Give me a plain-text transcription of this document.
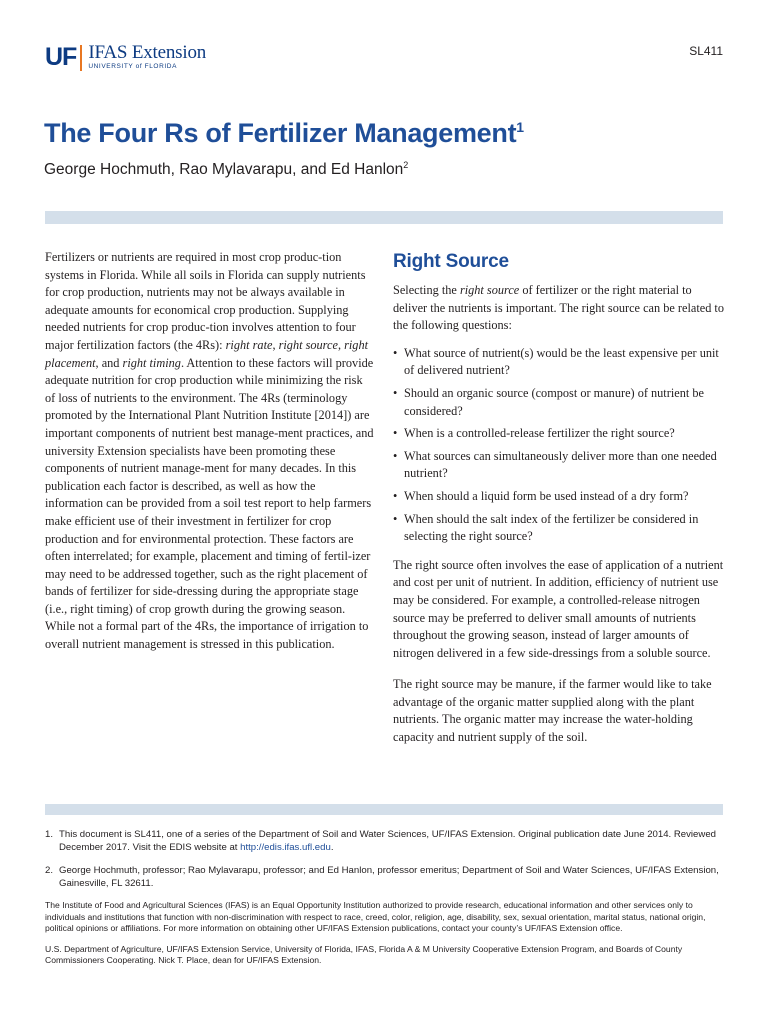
UF IFAS Extension
UNIVERSITY of FLORIDA
SL411
The Four Rs of Fertilizer Management$^1$
George Hochmuth, Rao Mylavarapu, and Ed Hanlon$^2$

Fertilizers or nutrients are required in most crop produc-tion systems in Florida. While all soils in Florida can supply nutrients for crop production, nutrients may not be always available in adequate amounts for economical crop production. Supplying needed nutrients for crop produc-tion involves attention to four major fertilization factors (the 4Rs): right rate, right source, right placement, and right timing. Attention to these factors will provide adequate nutrition for crop production while minimizing the risk of loss of nutrients to the environment. The 4Rs (terminology promoted by the International Plant Nutrition Institute [2014]) are important components of nutrient best manage-ment practices, and university Extension specialists have been promoting these components of nutrient manage-ment for many decades. In this publication each factor is described, as well as how the information can be provided from a soil test report to help farmers make efficient use of their investment in fertilizer for crop production and for environmental protection. These factors are often interrelated; for example, placement and timing of fertil-izer may need to be addressed together, such as the right placement of bands of fertilizer for side-dressing during the appropriate stage (i.e., right timing) of crop growth during the growing season. While not a formal part of the 4Rs, the importance of irrigation to overall nutrient management is stressed in this publication.

Right Source

Selecting the right source of fertilizer or the right material to deliver the nutrients is important. The right source can be related to the following questions:

• What source of nutrient(s) would be the least expensive per unit of delivered nutrient?
• Should an organic source (compost or manure) of nutrient be considered?
• When is a controlled-release fertilizer the right source?
• What sources can simultaneously deliver more than one needed nutrient?
• When should a liquid form be used instead of a dry form?
• When should the salt index of the fertilizer be considered in selecting the right source?

The right source often involves the ease of application of a nutrient and cost per unit of nutrient. In addition, efficiency of nutrient use may be considered. For example, a controlled-release nitrogen source may be preferred to deliver small amounts of nutrients throughout the growing season, instead of larger amounts of nitrogen delivered in a few side-dressings from a soluble source.

The right source may be manure, if the farmer would like to take advantage of the organic matter supplied along with the plant nutrients. The organic matter may increase the water-holding capacity and nutrient supply of the soil.

1. This document is SL411, one of a series of the Department of Soil and Water Sciences, UF/IFAS Extension. Original publication date June 2014. Reviewed December 2017. Visit the EDIS website at http://edis.ifas.ufl.edu.
2. George Hochmuth, professor; Rao Mylavarapu, professor; and Ed Hanlon, professor emeritus; Department of Soil and Water Sciences, UF/IFAS Extension, Gainesville, FL 32611.
The Institute of Food and Agricultural Sciences (IFAS) is an Equal Opportunity Institution authorized to provide research, educational information and other services only to individuals and institutions that function with non-discrimination with respect to race, creed, color, religion, age, disability, sex, sexual orientation, marital status, national origin, political opinions or affiliations. For more information on obtaining other UF/IFAS Extension publications, contact your county’s UF/IFAS Extension office.
U.S. Department of Agriculture, UF/IFAS Extension Service, University of Florida, IFAS, Florida A & M University Cooperative Extension Program, and Boards of County Commissioners Cooperating. Nick T. Place, dean for UF/IFAS Extension.
